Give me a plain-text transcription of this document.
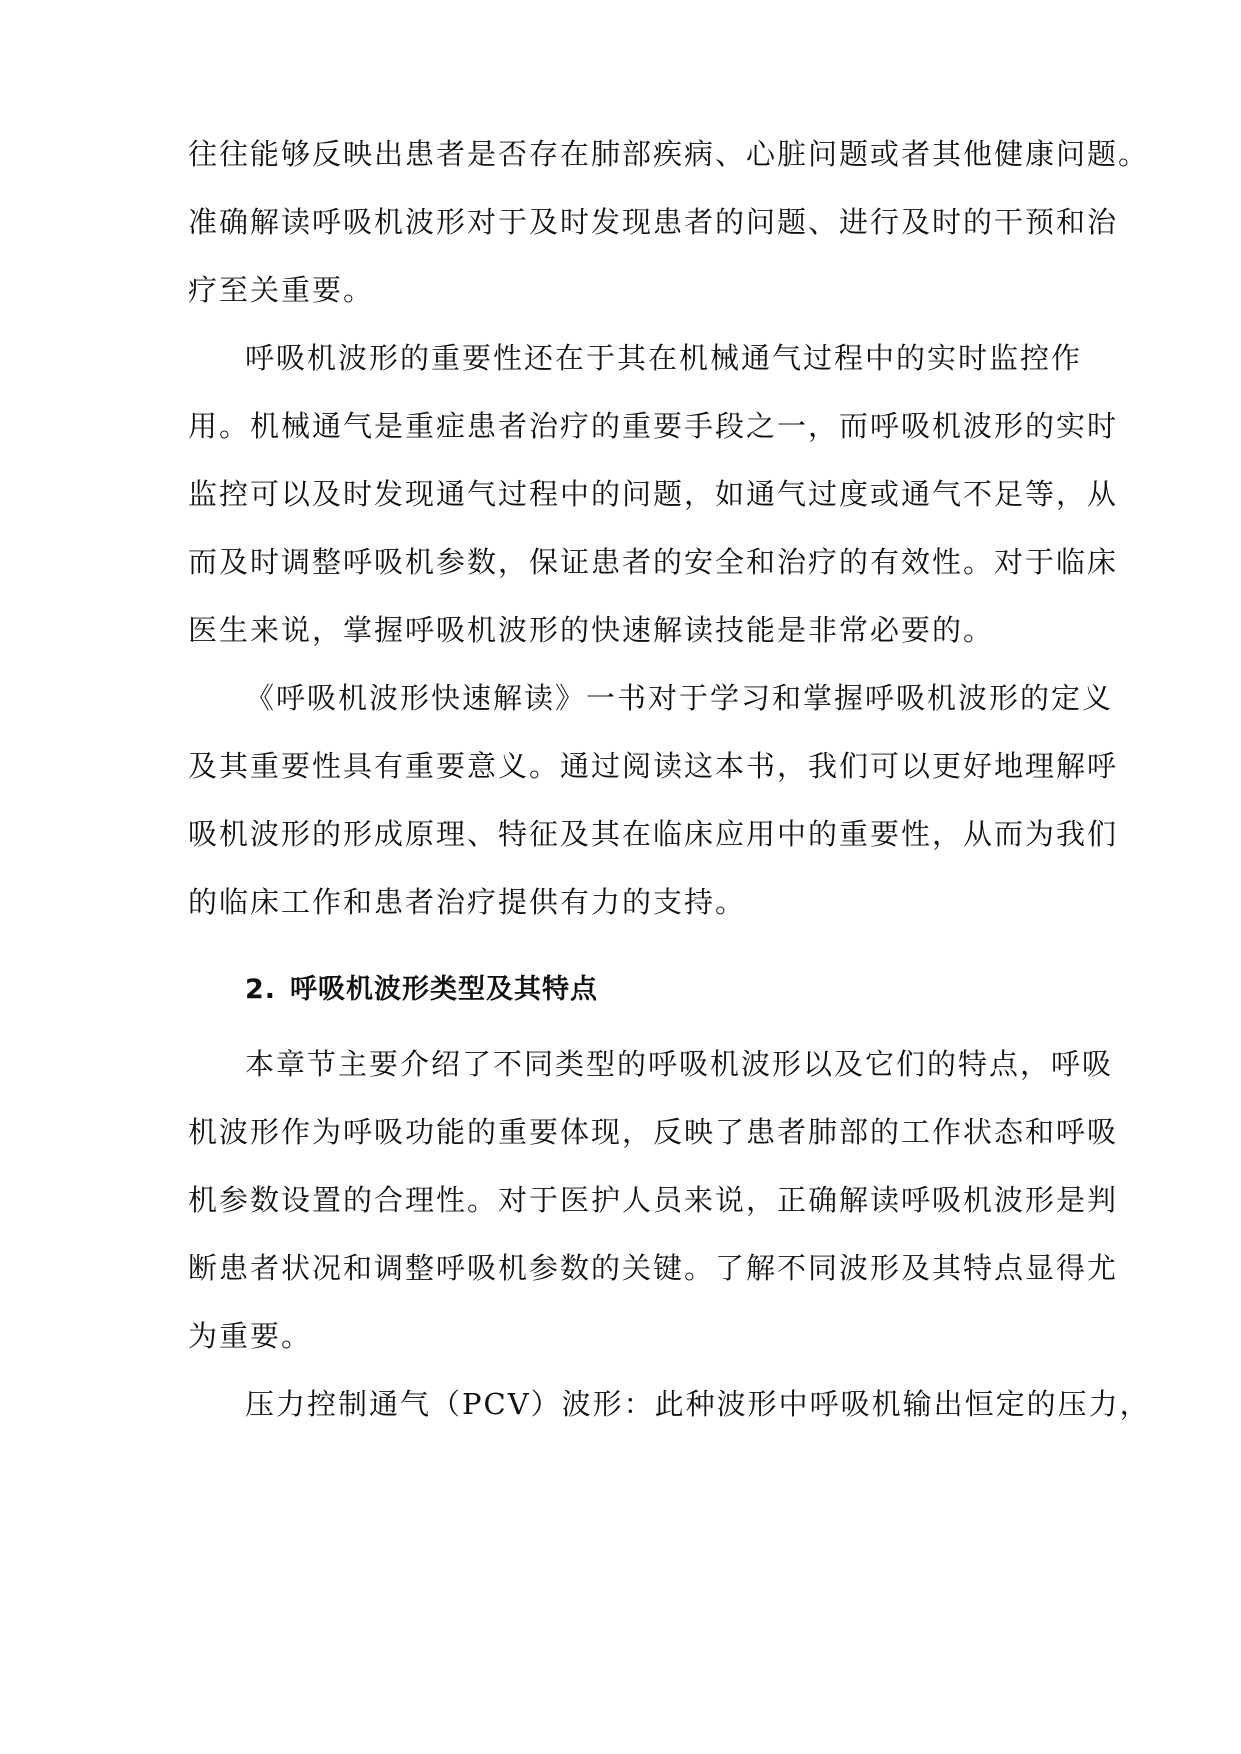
往往能够反映出患者是否存在肺部疾病、心脏问题或者其他健康问题。

准确解读呼吸机波形对于及时发现患者的问题、进行及时的干预和治

疗至关重要。

呼吸机波形的重要性还在于其在机械通气过程中的实时监控作

用。机械通气是重症患者治疗的重要手段之一，而呼吸机波形的实时

监控可以及时发现通气过程中的问题，如通气过度或通气不足等，从

而及时调整呼吸机参数，保证患者的安全和治疗的有效性。对于临床

医生来说，掌握呼吸机波形的快速解读技能是非常必要的。

《呼吸机波形快速解读》一书对于学习和掌握呼吸机波形的定义

及其重要性具有重要意义。通过阅读这本书，我们可以更好地理解呼

吸机波形的形成原理、特征及其在临床应用中的重要性，从而为我们

的临床工作和患者治疗提供有力的支持。

2. 呼吸机波形类型及其特点

本章节主要介绍了不同类型的呼吸机波形以及它们的特点，呼吸

机波形作为呼吸功能的重要体现，反映了患者肺部的工作状态和呼吸

机参数设置的合理性。对于医护人员来说，正确解读呼吸机波形是判

断患者状况和调整呼吸机参数的关键。了解不同波形及其特点显得尤

为重要。

压力控制通气（PCV）波形：此种波形中呼吸机输出恒定的压力，
